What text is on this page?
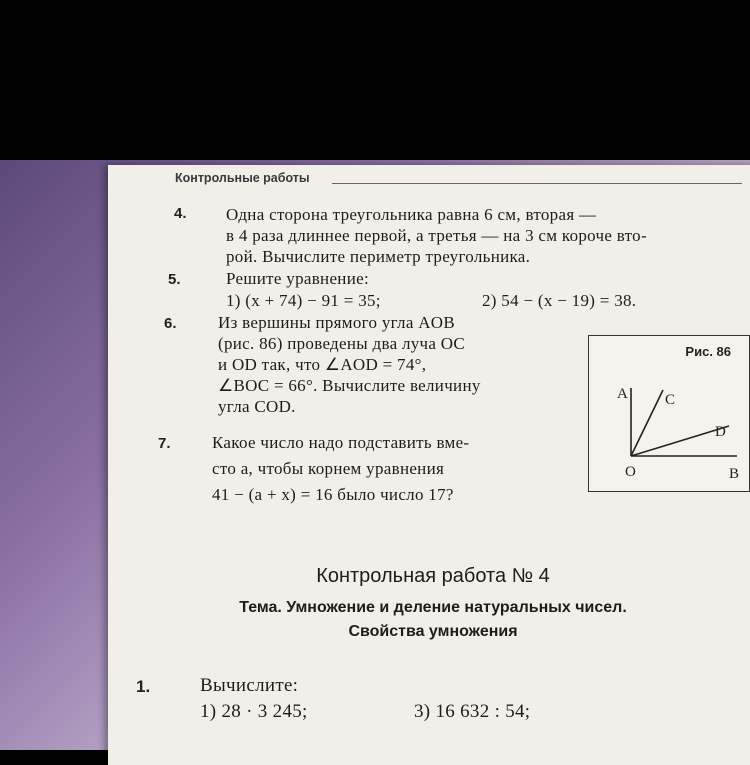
Контрольные работы
4. Одна сторона треугольника равна 6 см, вторая —
в 4 раза длиннее первой, а третья — на 3 см короче вто-
рой. Вычислите периметр треугольника.
5.	Решите уравнение:
1) (x + 74) − 91 = 35;	2) 54 − (x − 19) = 38.
6. Из вершины прямого угла AOB
(рис. 86) проведены два луча OC
и OD так, что ∠AOD = 74°,
∠BOC = 66°. Вычислите величину
угла COD.
7. Какое число надо подставить вме-
сто a, чтобы корнем уравнения
41 − (a + x) = 16 было число 17?
Рис. 86
A C
D
O	B
Контрольная работа № 4
Тема. Умножение и деление натуральных чисел.
Свойства умножения
1.	Вычислите:
1) 28 · 3 245;	3) 16 632 : 54;
